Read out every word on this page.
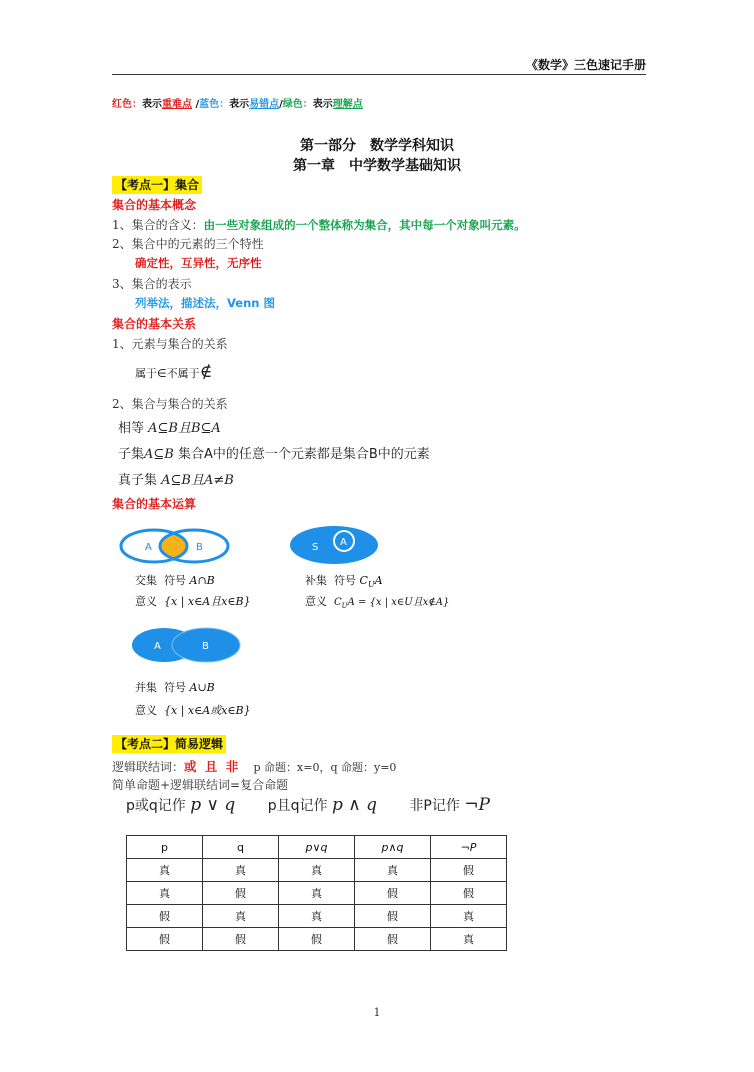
《数学》三色速记手册
红色：表示重难点 /蓝色：表示易错点/绿色：表示理解点
第一部分　数学学科知识
第一章　中学数学基础知识
【考点一】集合
集合的基本概念
1、集合的含义：由一些对象组成的一个整体称为集合，其中每一个对象叫元素。
2、集合中的元素的三个特性
确定性，互异性，无序性
3、集合的表示
列举法，描述法，Venn 图
集合的基本关系
1、元素与集合的关系
属于∈不属于∉
2、集合与集合的关系
相等 A⊆B且B⊆A
子集A⊆B 集合A中的任意一个元素都是集合B中的元素
真子集 A⊆B且A≠B
集合的基本运算
A	B	S A
交集 符号 A∩B
意义 {x | x∈A且x∈B}
补集 符号 $C_UA$
意义 $C_UA = \{x$ | x∈U且x∉A}
A	B
并集 符号 A∪B
意义 {x | x∈A或x∈B}
【考点二】简易逻辑
逻辑联结词：或 且 非 p 命题：x=0，q 命题：y=0
简单命题+逻辑联结词=复合命题
p或q记作 p ∨ q p且q记作 p ∧ q 非P记作 ¬P
p	q	p∨q	p∧q	¬P
真	真	真	真	假
真	假	真	假	假
假	真	真	假	真
假	假	假	假	真
1
